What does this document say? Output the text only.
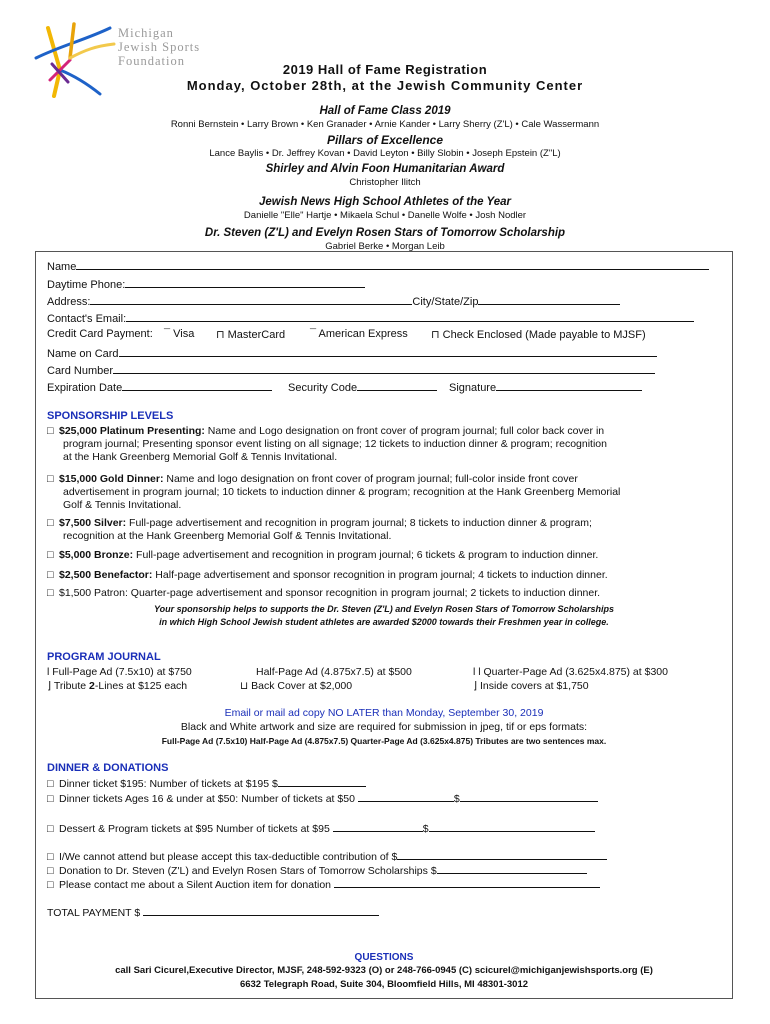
Michigan
Jewish Sports
Foundation
2019 Hall of Fame Registration
Monday, October 28th, at the Jewish Community Center
Hall of Fame Class 2019
Ronni Bernstein • Larry Brown • Ken Granader • Arnie Kander • Larry Sherry (Z'L) • Cale Wassermann
Pillars of Excellence
Lance Baylis • Dr. Jeffrey Kovan • David Leyton • Billy Slobin • Joseph Epstein (Z"L)
Shirley and Alvin Foon Humanitarian Award
Christopher Ilitch
Jewish News High School Athletes of the Year
Danielle "Elle" Hartje • Mikaela Schul • Danelle Wolfe • Josh Nodler
Dr. Steven (Z'L) and Evelyn Rosen Stars of Tomorrow Scholarship
Gabriel Berke • Morgan Leib
Name
Daytime Phone:
Address:	City/State/Zip
Contact's Email:
Credit Card Payment: ¯ Visa ⊓ MasterCard ¯ American Express ⊓ Check Enclosed (Made payable to MJSF)
Name on Card
Card Number
Expiration Date	Security Code	Signature
SPONSORSHIP LEVELS
□ $25,000 Platinum Presenting: Name and Logo designation on front cover of program journal; full color back cover in
program journal; Presenting sponsor event listing on all signage; 12 tickets to induction dinner & program; recognition
at the Hank Greenberg Memorial Golf & Tennis Invitational.
□ $15,000 Gold Dinner: Name and logo designation on front cover of program journal; full-color inside front cover
advertisement in program journal; 10 tickets to induction dinner & program; recognition at the Hank Greenberg Memorial
Golf & Tennis Invitational.
□ $7,500 Silver: Full-page advertisement and recognition in program journal; 8 tickets to induction dinner & program;
recognition at the Hank Greenberg Memorial Golf & Tennis Invitational.
□ $5,000 Bronze: Full-page advertisement and recognition in program journal; 6 tickets & program to induction dinner.
□ $2,500 Benefactor: Half-page advertisement and sponsor recognition in program journal; 4 tickets to induction dinner.
□ $1,500 Patron: Quarter-page advertisement and sponsor recognition in program journal; 2 tickets to induction dinner.
Your sponsorship helps to supports the Dr. Steven (Z'L) and Evelyn Rosen Stars of Tomorrow Scholarships
in which High School Jewish student athletes are awarded $2000 towards their Freshmen year in college.
PROGRAM JOURNAL
l Full-Page Ad (7.5x10) at $750	Half-Page Ad (4.875x7.5) at $500	l l Quarter-Page Ad (3.625x4.875) at $300
⌋ Tribute 2-Lines at $125 each	⊔ Back Cover at $2,000	⌋ Inside covers at $1,750
Email or mail ad copy NO LATER than Monday, September 30, 2019
Black and White artwork and size are required for submission in jpeg, tif or eps formats:
Full-Page Ad (7.5x10) Half-Page Ad (4.875x7.5) Quarter-Page Ad (3.625x4.875) Tributes are two sentences max.
DINNER & DONATIONS
□ Dinner ticket $195: Number of tickets at $195 $
□ Dinner tickets Ages 16 & under at $50: Number of tickets at $50	$
□ Dessert & Program tickets at $95 Number of tickets at $95	$
□ I/We cannot attend but please accept this tax-deductible contribution of $
□ Donation to Dr. Steven (Z'L) and Evelyn Rosen Stars of Tomorrow Scholarships $
□ Please contact me about a Silent Auction item for donation
TOTAL PAYMENT $
QUESTIONS
call Sari Cicurel,Executive Director, MJSF, 248-592-9323 (O) or 248-766-0945 (C) scicurel@michiganjewishsports.org (E)
6632 Telegraph Road, Suite 304, Bloomfield Hills, MI 48301-3012
